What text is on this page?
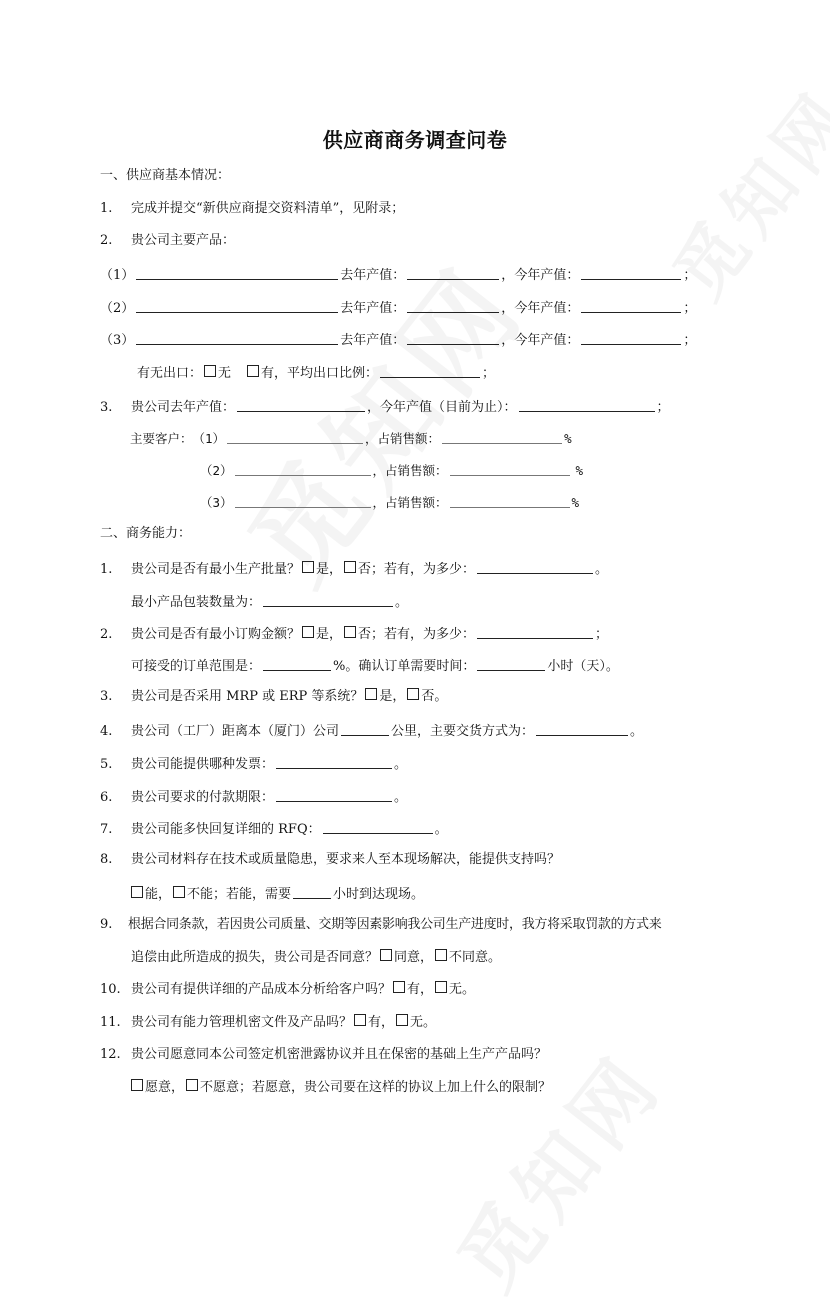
供应商商务调查问卷
一、供应商基本情况：
1.	完成并提交“新供应商提交资料清单”，见附录；
2.	贵公司主要产品：
（1）	去年产值：	， 今年产值：	；
（2）	去年产值：	， 今年产值：	；
（3）	去年产值：	， 今年产值：	；
有无出口： 无 有，平均出口比例：	；
3.	贵公司去年产值：	，今年产值（目前为止）：	；
主要客户： （1）	，占销售额：	%
（2）	，占销售额：	%
（3）	，占销售额：	%
二、商务能力：
1.	贵公司是否有最小生产批量？ 是， 否；若有，为多少：	。
最小产品包装数量为：	。
2.	贵公司是否有最小订购金额？ 是， 否；若有，为多少：	；
可接受的订单范围是：	%。确认订单需要时间：	小时（天）。
3.	贵公司是否采用 MRP 或 ERP 等系统？ 是， 否。
4.	贵公司（工厂）距离本（厦门）公司	公里，主要交货方式为：	。
5.	贵公司能提供哪种发票：	。
6.	贵公司要求的付款期限：	。
7.	贵公司能多快回复详细的 RFQ：	。
8.	贵公司材料存在技术或质量隐患，要求来人至本现场解决，能提供支持吗？
能， 不能；若能，需要	小时到达现场。
9.	根据合同条款，若因贵公司质量、交期等因素影响我公司生产进度时，我方将采取罚款的方式来
追偿由此所造成的损失，贵公司是否同意？ 同意， 不同意。
10. 贵公司有提供详细的产品成本分析给客户吗？ 有， 无。
11. 贵公司有能力管理机密文件及产品吗？ 有， 无。
12. 贵公司愿意同本公司签定机密泄露协议并且在保密的基础上生产产品吗？
愿意， 不愿意；若愿意，贵公司要在这样的协议上加上什么的限制？
